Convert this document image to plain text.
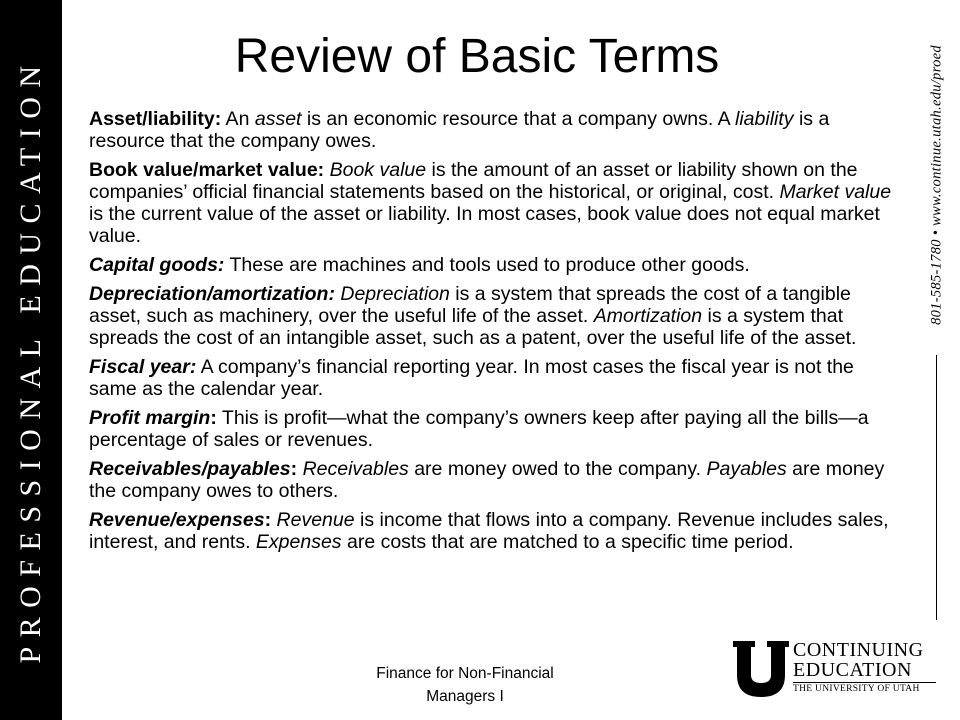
PROFESSIONAL EDUCATION	801-585-1780 • www.continue.utah.edu/proed
Review of Basic Terms
Asset/liability: An asset is an economic resource that a company owns. A liability is a resource that the company owes.
Book value/market value: Book value is the amount of an asset or liability shown on the companies’ official financial statements based on the historical, or original, cost. Market value is the current value of the asset or liability. In most cases, book value does not equal market value.
Capital goods: These are machines and tools used to produce other goods.
Depreciation/amortization: Depreciation is a system that spreads the cost of a tangible asset, such as machinery, over the useful life of the asset. Amortization is a system that spreads the cost of an intangible asset, such as a patent, over the useful life of the asset.
Fiscal year: A company’s financial reporting year. In most cases the fiscal year is not the same as the calendar year.
Profit margin: This is profit—what the company’s owners keep after paying all the bills—a percentage of sales or revenues.
Receivables/payables: Receivables are money owed to the company. Payables are money the company owes to others.
Revenue/expenses: Revenue is income that flows into a company. Revenue includes sales, interest, and rents. Expenses are costs that are matched to a specific time period.
Finance for Non-Financial
Managers I
CONTINUING
EDUCATION
THE UNIVERSITY OF UTAH
